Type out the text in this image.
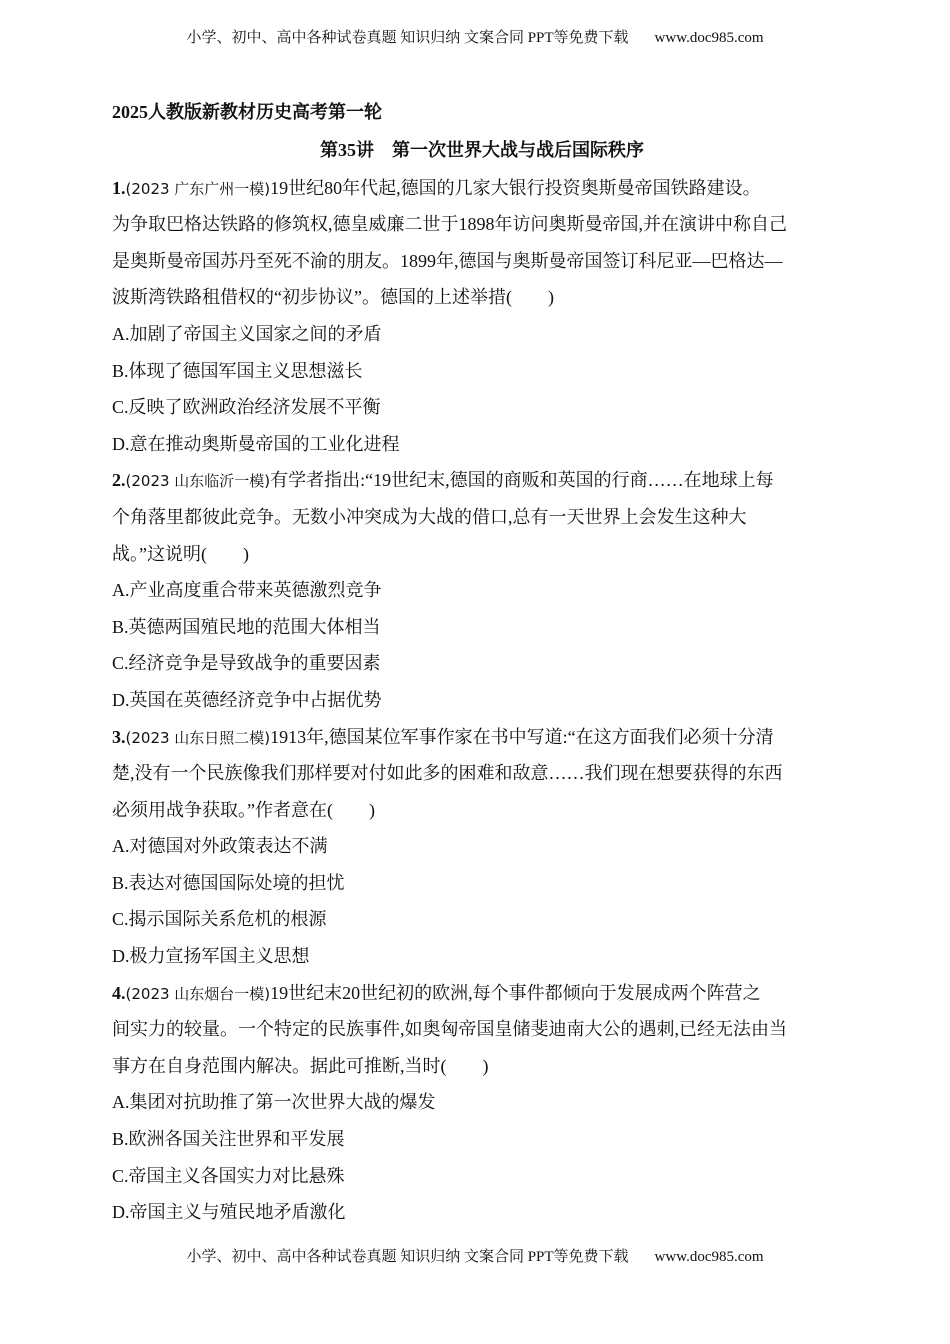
小学、初中、高中各种试卷真题 知识归纳 文案合同 PPT等免费下载 www.doc985.com
2025人教版新教材历史高考第一轮
第35讲　第一次世界大战与战后国际秩序
1.(2023 广东广州一模)19世纪80年代起,德国的几家大银行投资奥斯曼帝国铁路建设。
为争取巴格达铁路的修筑权,德皇威廉二世于1898年访问奥斯曼帝国,并在演讲中称自己
是奥斯曼帝国苏丹至死不渝的朋友。1899年,德国与奥斯曼帝国签订科尼亚—巴格达—
波斯湾铁路租借权的“初步协议”。德国的上述举措(　　)
A.加剧了帝国主义国家之间的矛盾
B.体现了德国军国主义思想滋长
C.反映了欧洲政治经济发展不平衡
D.意在推动奥斯曼帝国的工业化进程
2.(2023 山东临沂一模)有学者指出:“19世纪末,德国的商贩和英国的行商……在地球上每
个角落里都彼此竞争。无数小冲突成为大战的借口,总有一天世界上会发生这种大
战。”这说明(　　)
A.产业高度重合带来英德激烈竞争
B.英德两国殖民地的范围大体相当
C.经济竞争是导致战争的重要因素
D.英国在英德经济竞争中占据优势
3.(2023 山东日照二模)1913年,德国某位军事作家在书中写道:“在这方面我们必须十分清
楚,没有一个民族像我们那样要对付如此多的困难和敌意……我们现在想要获得的东西
必须用战争获取。”作者意在(　　)
A.对德国对外政策表达不满
B.表达对德国国际处境的担忧
C.揭示国际关系危机的根源
D.极力宣扬军国主义思想
4.(2023 山东烟台一模)19世纪末20世纪初的欧洲,每个事件都倾向于发展成两个阵营之
间实力的较量。一个特定的民族事件,如奥匈帝国皇储斐迪南大公的遇刺,已经无法由当
事方在自身范围内解决。据此可推断,当时(　　)
A.集团对抗助推了第一次世界大战的爆发
B.欧洲各国关注世界和平发展
C.帝国主义各国实力对比悬殊
D.帝国主义与殖民地矛盾激化
小学、初中、高中各种试卷真题 知识归纳 文案合同 PPT等免费下载 www.doc985.com
